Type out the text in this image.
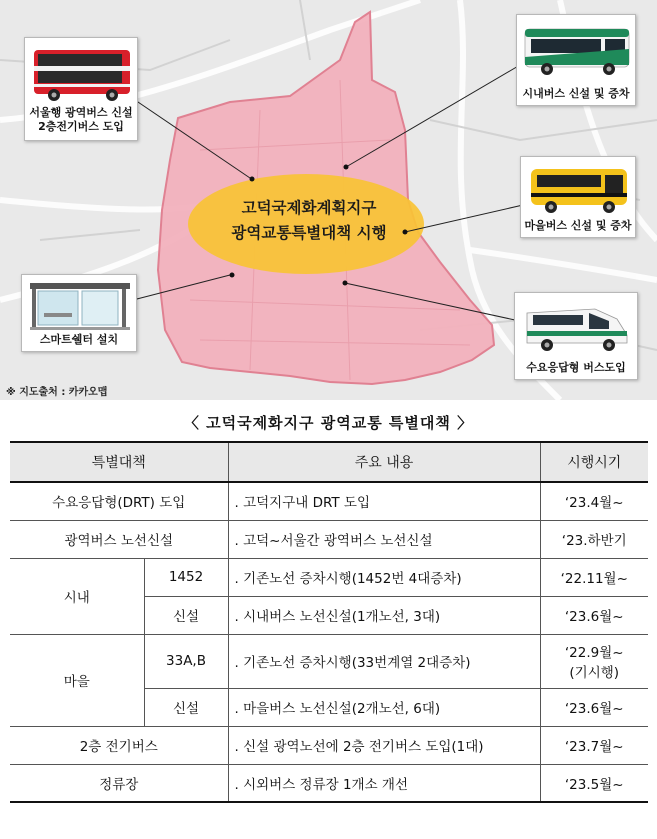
고덕국제화계획지구
광역교통특별대책 시행
서울행 광역버스 신설
2층전기버스 도입
시내버스 신설 및 증차
마을버스 신설 및 증차
스마트쉘터 설치
수요응답형 버스도입
※ 지도출처 : 카카오맵
〈 고덕국제화지구 광역교통 특별대책 〉
특별대책		주요 내용	시행시기
수요응답형(DRT) 도입		. 고덕지구내 DRT 도입	‘23.4월~
광역버스 노선신설		. 고덕~서울간 광역버스 노선신설	‘23.하반기
시내	1452	. 기존노선 증차시행(1452번 4대증차)	‘22.11월~
	신설	. 시내버스 노선신설(1개노선, 3대)	‘23.6월~
마을	33A,B	. 기존노선 증차시행(33번계열 2대증차)	‘22.9월~
(기시행)

	신설	. 마을버스 노선신설(2개노선, 6대)	‘23.6월~
2층 전기버스		. 신설 광역노선에 2층 전기버스 도입(1대)	‘23.7월~
정류장		. 시외버스 정류장 1개소 개선	‘23.5월~
